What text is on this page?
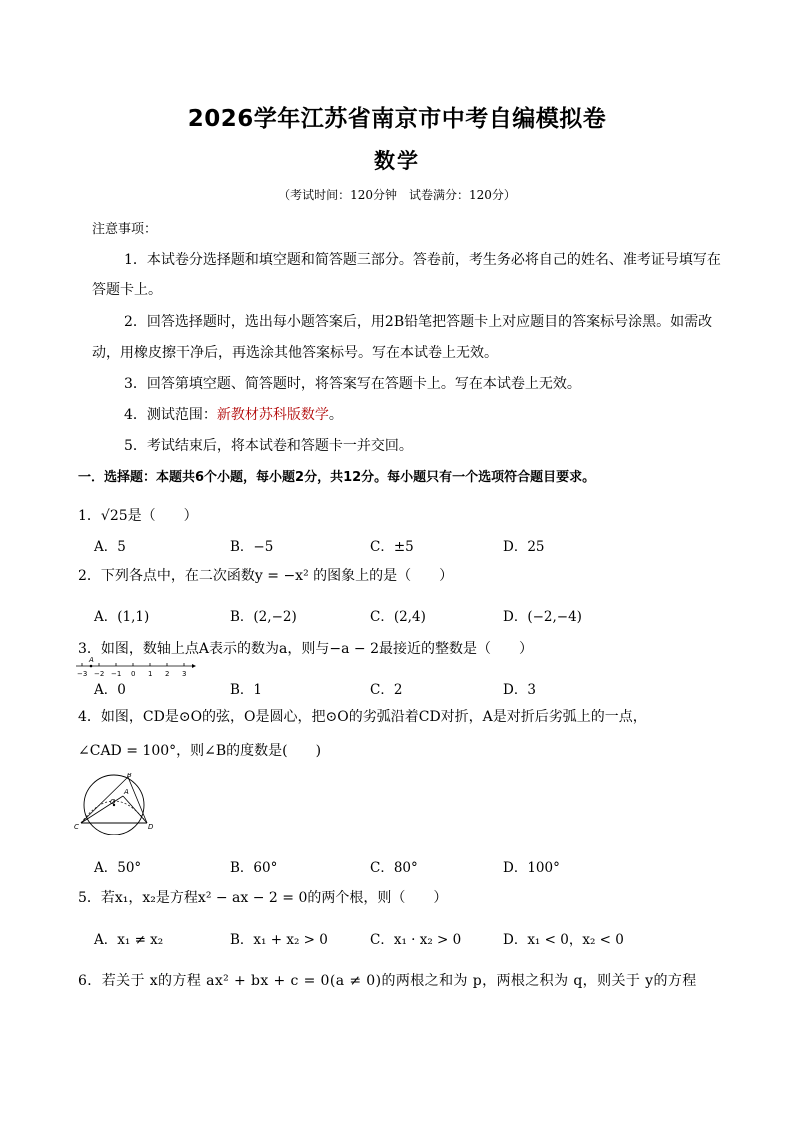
2026学年江苏省南京市中考自编模拟卷
数学
（考试时间：120分钟　试卷满分：120分）
注意事项：
1．本试卷分选择题和填空题和简答题三部分。答卷前，考生务必将自己的姓名、准考证号填写在
答题卡上。
2．回答选择题时，选出每小题答案后，用2B铅笔把答题卡上对应题目的答案标号涂黑。如需改
动，用橡皮擦干净后，再选涂其他答案标号。写在本试卷上无效。
3．回答第填空题、简答题时，将答案写在答题卡上。写在本试卷上无效。
4．测试范围：新教材苏科版数学。
5．考试结束后，将本试卷和答题卡一并交回。
一．选择题：本题共6个小题，每小题2分，共12分。每小题只有一个选项符合题目要求。
1．√25是（　　）
A．5	B．−5	C．±5	D．25
2．下列各点中，在二次函数y = −x² 的图象上的是（　　）
A．(1,1)	B．(2,−2)	C．(2,4)	D．(−2,−4)
3．如图，数轴上点A表示的数为a，则与−a − 2最接近的整数是（　　）
A
−3 −2 −1 0 1 2 3
A．0	B．1	C．2	D．3
4．如图，CD是⊙O的弦，O是圆心，把⊙O的劣弧沿着CD对折，A是对折后劣弧上的一点，
∠CAD = 100°，则∠B的度数是(　　)
B
A
O
C	D
A．50°	B．60°	C．80°	D．100°
5．若x₁，x₂是方程x² − ax − 2 = 0的两个根，则（　　）
A．x₁ ≠ x₂	B．x₁ + x₂ > 0	C．x₁ · x₂ > 0	D．x₁ < 0，x₂ < 0
6．若关于 x的方程 ax² + bx + c = 0(a ≠ 0)的两根之和为 p，两根之积为 q，则关于 y的方程
